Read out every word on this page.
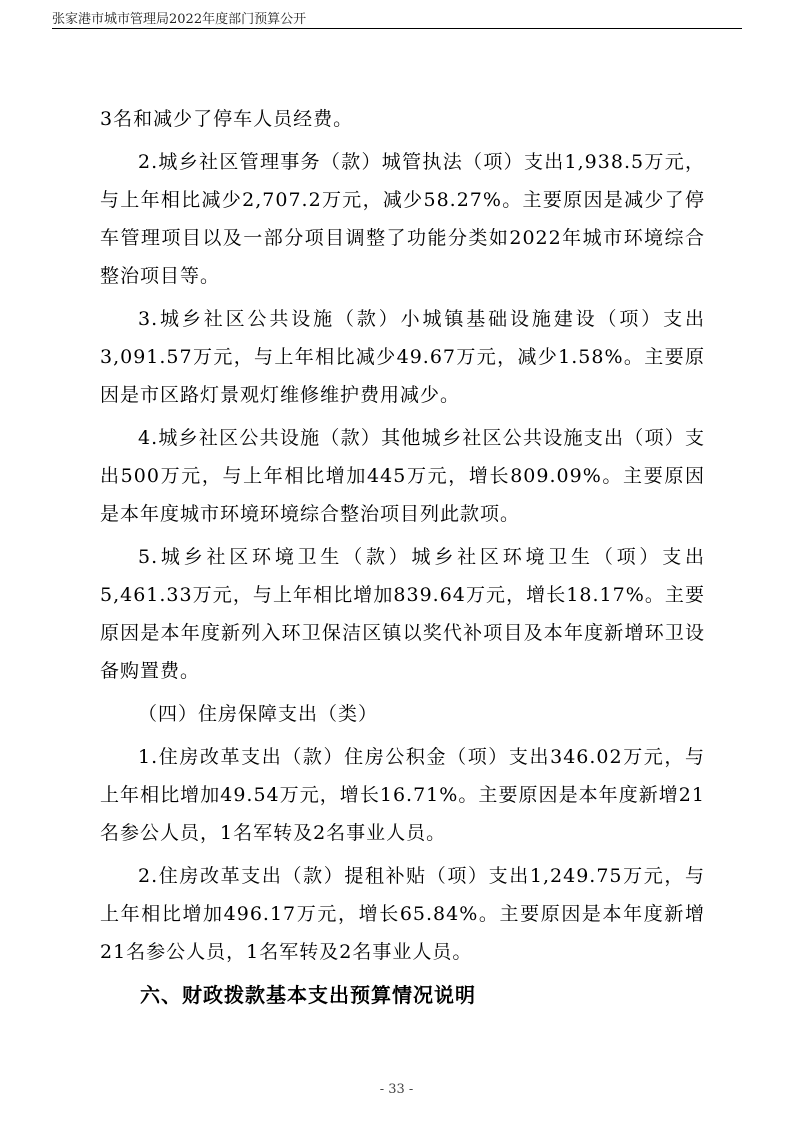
张家港市城市管理局2022年度部门预算公开

3名和减少了停车人员经费。

2.城乡社区管理事务（款）城管执法（项）支出1,938.5万元，与上年相比减少2,707.2万元，减少58.27%。主要原因是减少了停车管理项目以及一部分项目调整了功能分类如2022年城市环境综合整治项目等。

3.城乡社区公共设施（款）小城镇基础设施建设（项）支出3,091.57万元，与上年相比减少49.67万元，减少1.58%。主要原因是市区路灯景观灯维修维护费用减少。

4.城乡社区公共设施（款）其他城乡社区公共设施支出（项）支出500万元，与上年相比增加445万元，增长809.09%。主要原因是本年度城市环境环境综合整治项目列此款项。

5.城乡社区环境卫生（款）城乡社区环境卫生（项）支出5,461.33万元，与上年相比增加839.64万元，增长18.17%。主要原因是本年度新列入环卫保洁区镇以奖代补项目及本年度新增环卫设备购置费。

（四）住房保障支出（类）

1.住房改革支出（款）住房公积金（项）支出346.02万元，与上年相比增加49.54万元，增长16.71%。主要原因是本年度新增21名参公人员，1名军转及2名事业人员。

2.住房改革支出（款）提租补贴（项）支出1,249.75万元，与上年相比增加496.17万元，增长65.84%。主要原因是本年度新增21名参公人员，1名军转及2名事业人员。

六、财政拨款基本支出预算情况说明

- 33 -
